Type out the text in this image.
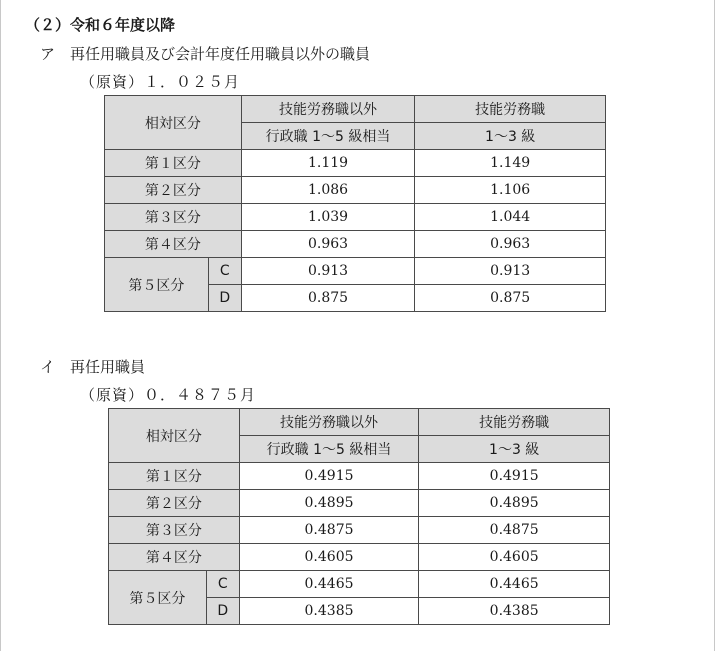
（２）令和６年度以降
ア　再任用職員及び会計年度任用職員以外の職員
（原資）１．０２５月
相対区分		技能労務職以外	技能労務職
		行政職 1〜5 級相当	1〜3 級
第１区分		1.119	1.149
第２区分		1.086	1.106
第３区分		1.039	1.044
第４区分		0.963	0.963
第５区分	C	0.913	0.913
	D	0.875	0.875
イ　再任用職員
（原資）０．４８７５月
相対区分		技能労務職以外	技能労務職
		行政職 1〜5 級相当	1〜3 級
第１区分		0.4915	0.4915
第２区分		0.4895	0.4895
第３区分		0.4875	0.4875
第４区分		0.4605	0.4605
第５区分	C	0.4465	0.4465
	D	0.4385	0.4385
